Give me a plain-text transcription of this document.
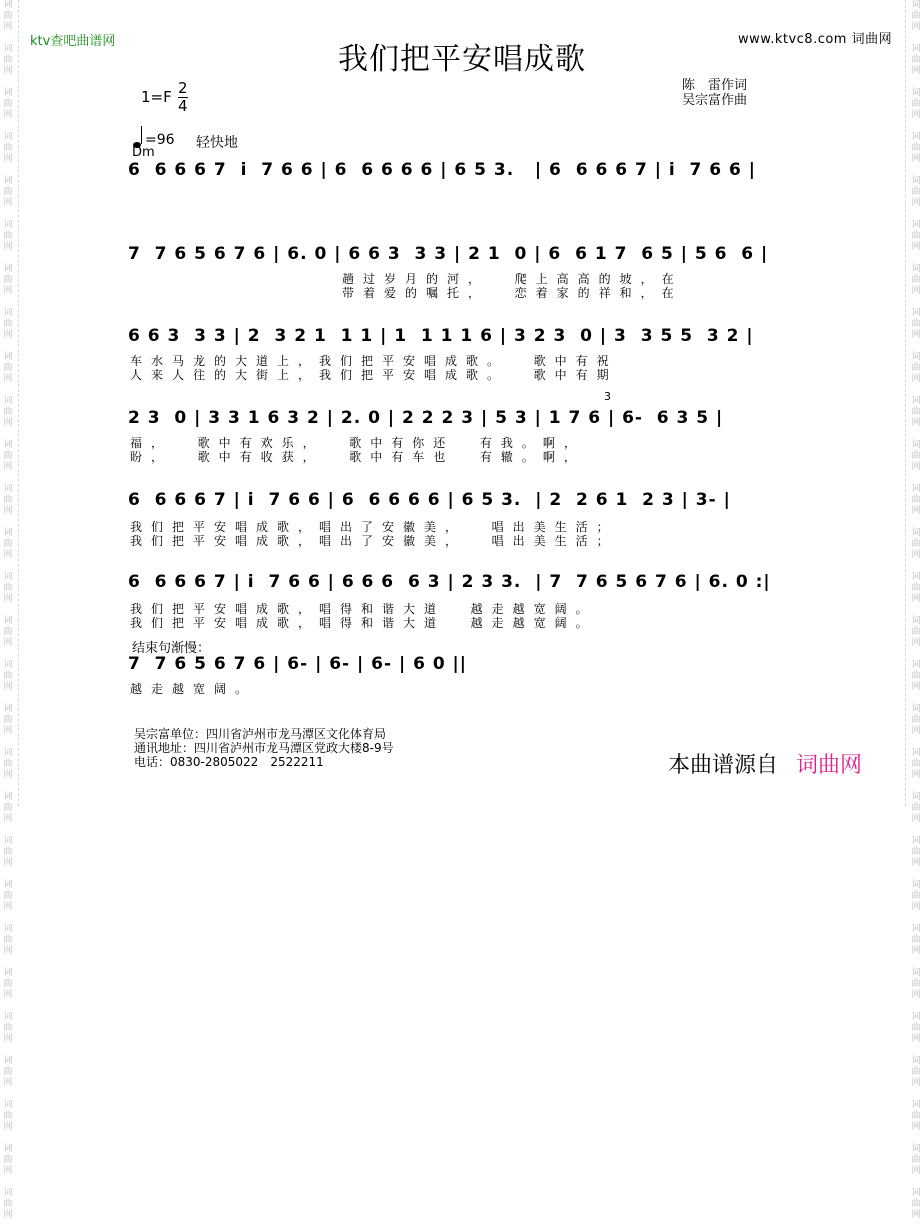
词
曲
网

词
曲
网

词
曲
网

词
曲
网

词
曲
网

词
曲
网

词
曲
网

词
曲
网

词
曲
网

词
曲
网

词
曲
网

词
曲
网

词
曲
网

词
曲
网

词
曲
网

词
曲
网

词
曲
网

词
曲
网

词
曲
网

词
曲
网

词
曲
网

词
曲
网

词
曲
网

词
曲
网

词
曲
网

词
曲
网

词
曲
网

词
曲
网

词
曲
网

词
曲
网

词
曲
网

词
曲
网

词
曲
网

词
曲
网

词
曲
网

词
曲
网

词
曲
网

词
曲
网

词
曲
网

词
曲
网

词
曲
网

词
曲
网

词
曲
网

词
曲
网

词
曲
网

词
曲
网

词
曲
网

词
曲
网

词
曲
网

词
曲
网

词
曲
网

词
曲
网

词
曲
网

词
曲
网

词
曲
网

词
曲
网

ktv查吧曲谱网	www.ktvc8.com 词曲网
我们把平安唱成歌
$1=F \frac{2}{4}$	陈　雷作词
吴宗富作曲
=96 轻快地
Dm
6  6 6 6 7  i  7 6 6 | 6  6 6 6 6 | 6 5 3.   | 6  6 6 6 7 | i  7 6 6 |
7  7 6 5 6 7 6 | 6. 0 | 6 6 3  3 3 | 2 1  0 | 6  6 1 7  6 5 | 5 6  6 |
趟过岁月的河，  爬上高高的坡，在
带着爱的嘱托，  恋着家的祥和，在
6 6 3  3 3 | 2  3 2 1  1 1 | 1  1 1 1 6 | 3 2 3  0 | 3  3 5 5  3 2 |
车水马龙的大道上，我们把平安唱成歌。  歌中有祝
人来人往的大街上，我们把平安唱成歌。  歌中有期
2 3  0 | 3 3 1 6 3 2 | 2. 0 | 2 2 2 3 | 5 3 | 1 7 6 | 6-  6 3 5 |
福，  歌中有欢乐，  歌中有你还  有我。啊，
盼，  歌中有收获，  歌中有车也  有辙。啊，
3
6  6 6 6 7 | i  7 6 6 | 6  6 6 6 6 | 6 5 3.  | 2  2 6 1  2 3 | 3- |
我们把平安唱成歌，唱出了安徽美，  唱出美生活；
我们把平安唱成歌，唱出了安徽美，  唱出美生活；
6  6 6 6 7 | i  7 6 6 | 6 6 6  6 3 | 2 3 3.  | 7  7 6 5 6 7 6 | 6. 0 :|
我们把平安唱成歌，唱得和谐大道  越走越宽阔。
我们把平安唱成歌，唱得和谐大道  越走越宽阔。
结束句渐慢：
7  7 6 5 6 7 6 | 6- | 6- | 6- | 6 0 ||
越走越宽阔。
吴宗富单位：四川省泸州市龙马潭区文化体育局
通讯地址：四川省泸州市龙马潭区党政大楼8-9号
电话：0830-2805022　2522211	本曲谱源自 词曲网
